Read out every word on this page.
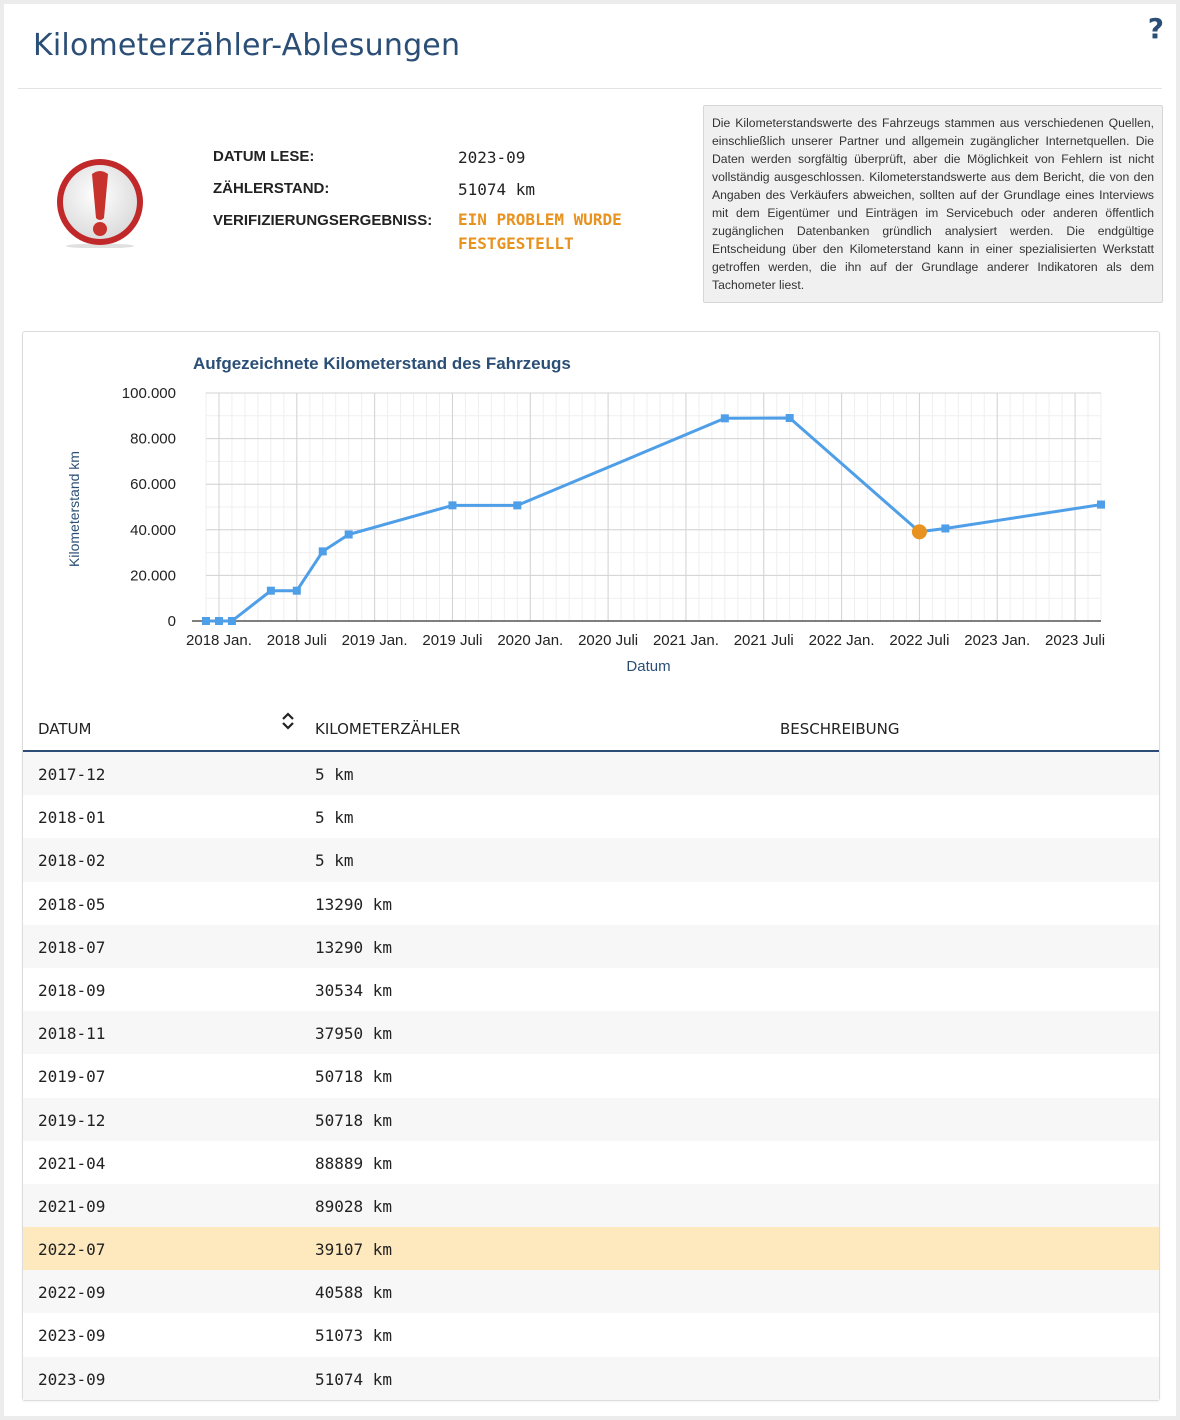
Kilometerzähler-Ablesungen	?
DATUM LESE:	2023-09
ZÄHLERSTAND:	51074 km
VERIFIZIERUNGSERGEBNISS: EIN PROBLEM WURDE
FESTGESTELLT
Die Kilometerstandswerte des Fahrzeugs stammen aus verschiedenen Quellen, einschließlich unserer Partner und allgemein zugänglicher Internetquellen. Die Daten werden sorgfältig überprüft, aber die Möglichkeit von Fehlern ist nicht vollständig ausgeschlossen. Kilometerstandswerte aus dem Bericht, die von den Angaben des Verkäufers abweichen, sollten auf der Grundlage eines Interviews mit dem Eigentümer und Einträgen im Servicebuch oder anderen öffentlich zugänglichen Datenbanken gründlich analysiert werden. Die endgültige Entscheidung über den Kilometerstand kann in einer spezialisierten Werkstatt getroffen werden, die ihn auf der Grundlage anderer Indikatoren als dem Tachometer liest.
2018 Jan. 2018 Juli 2019 Jan. 2019 Juli 2020 Jan. 2020 Juli 2021 Jan. 2021 Juli 2022 Jan. 2022 Juli 2023 Jan. 2023 Juli
0
20.000
40.000
60.000
80.000
100.000
Aufgezeichnete Kilometerstand des Fahrzeugs
Datum
Kilometerstand km
DATUM	KILOMETERZÄHLER	BESCHREIBUNG
2017-12	5 km
2018-01	5 km
2018-02	5 km
2018-05	13290 km
2018-07	13290 km
2018-09	30534 km
2018-11	37950 km
2019-07	50718 km
2019-12	50718 km
2021-04	88889 km
2021-09	89028 km
2022-07	39107 km
2022-09	40588 km
2023-09	51073 km
2023-09	51074 km
